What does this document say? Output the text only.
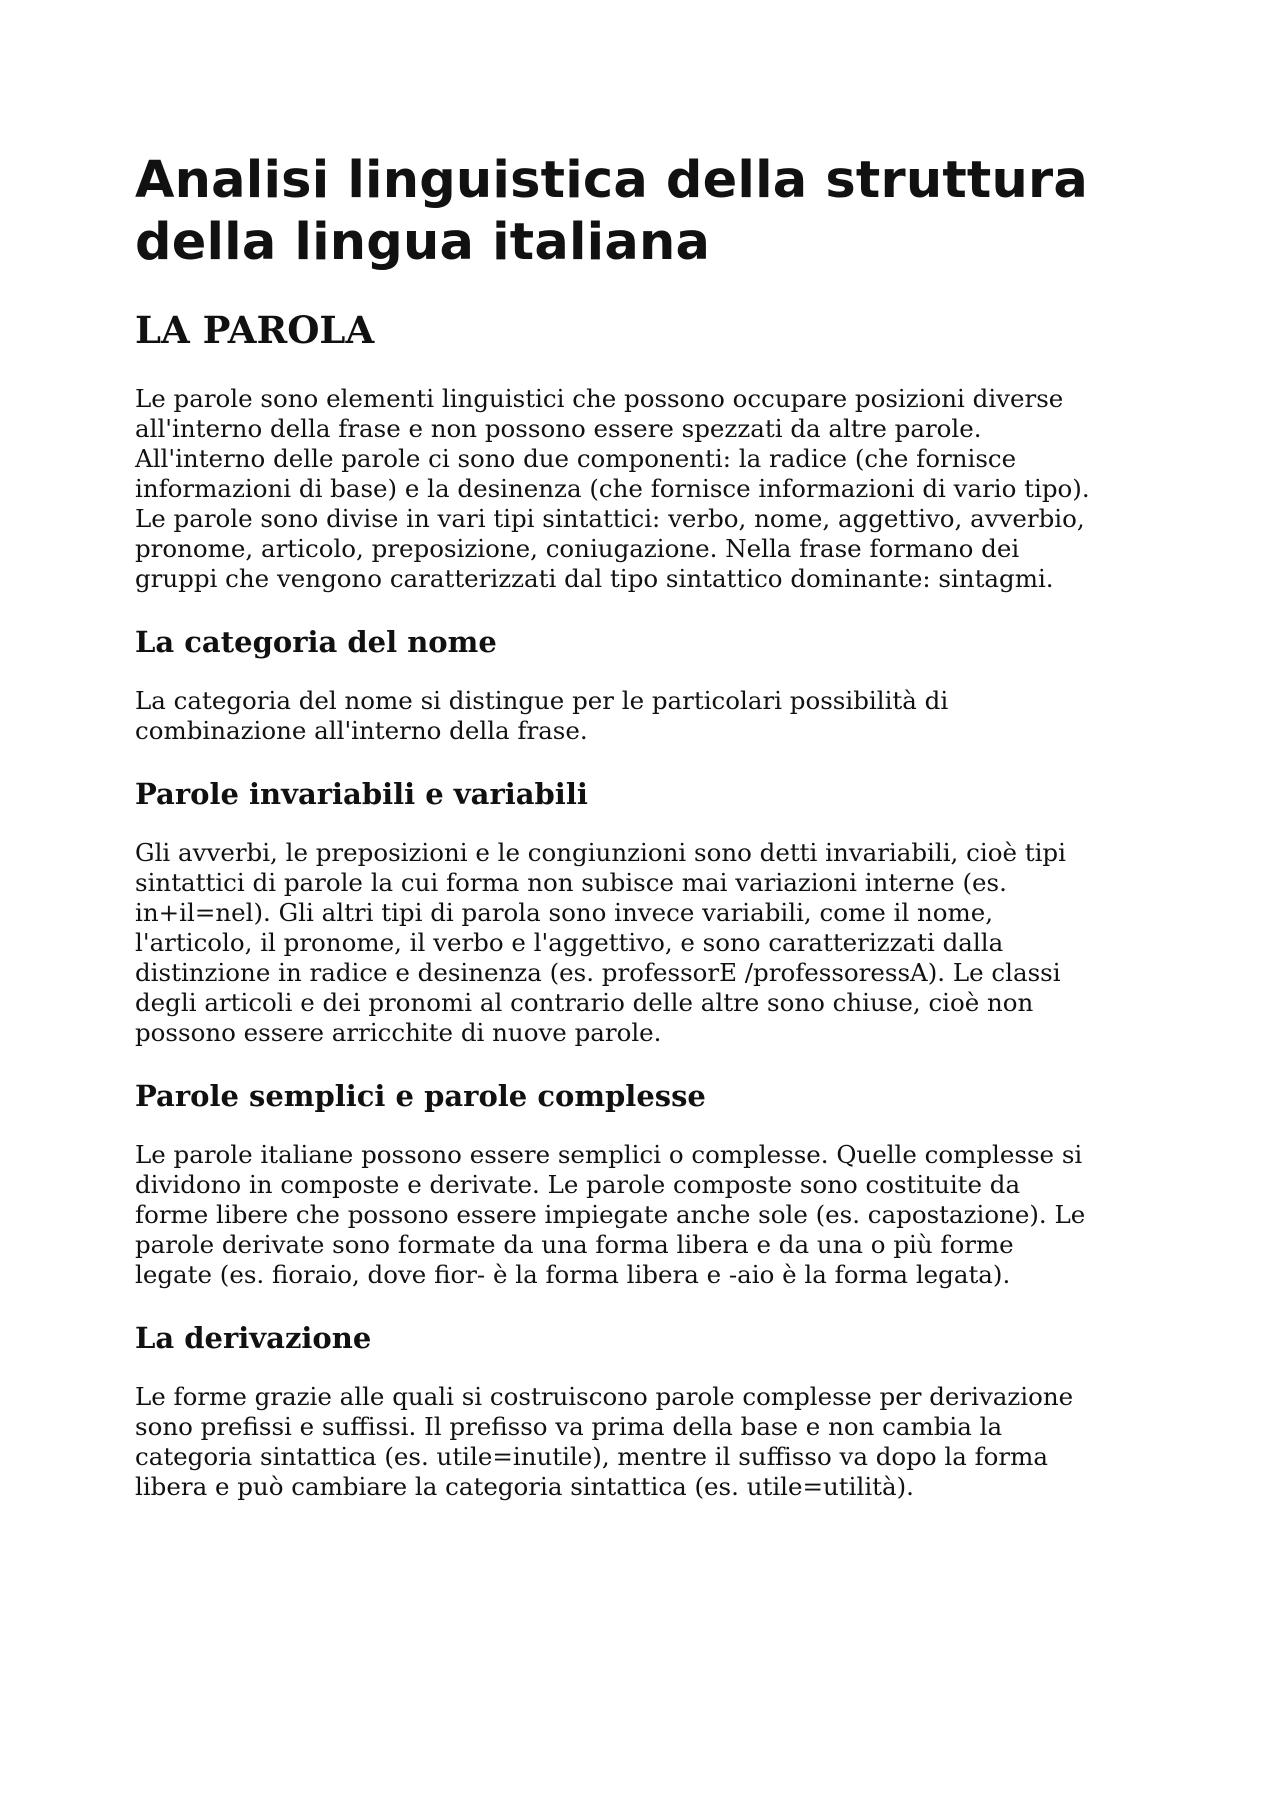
Analisi linguistica della struttura
della lingua italiana
LA PAROLA

Le parole sono elementi linguistici che possono occupare posizioni diverse
all'interno della frase e non possono essere spezzati da altre parole.
All'interno delle parole ci sono due componenti: la radice (che fornisce
informazioni di base) e la desinenza (che fornisce informazioni di vario tipo).
Le parole sono divise in vari tipi sintattici: verbo, nome, aggettivo, avverbio,
pronome, articolo, preposizione, coniugazione. Nella frase formano dei
gruppi che vengono caratterizzati dal tipo sintattico dominante: sintagmi.

La categoria del nome

La categoria del nome si distingue per le particolari possibilità di
combinazione all'interno della frase.

Parole invariabili e variabili

Gli avverbi, le preposizioni e le congiunzioni sono detti invariabili, cioè tipi
sintattici di parole la cui forma non subisce mai variazioni interne (es.
in+il=nel). Gli altri tipi di parola sono invece variabili, come il nome,
l'articolo, il pronome, il verbo e l'aggettivo, e sono caratterizzati dalla
distinzione in radice e desinenza (es. professorE /professoressA). Le classi
degli articoli e dei pronomi al contrario delle altre sono chiuse, cioè non
possono essere arricchite di nuove parole.

Parole semplici e parole complesse

Le parole italiane possono essere semplici o complesse. Quelle complesse si
dividono in composte e derivate. Le parole composte sono costituite da
forme libere che possono essere impiegate anche sole (es. capostazione). Le
parole derivate sono formate da una forma libera e da una o più forme
legate (es. fioraio, dove fior- è la forma libera e -aio è la forma legata).

La derivazione

Le forme grazie alle quali si costruiscono parole complesse per derivazione
sono prefissi e suffissi. Il prefisso va prima della base e non cambia la
categoria sintattica (es. utile=inutile), mentre il suffisso va dopo la forma
libera e può cambiare la categoria sintattica (es. utile=utilità).
